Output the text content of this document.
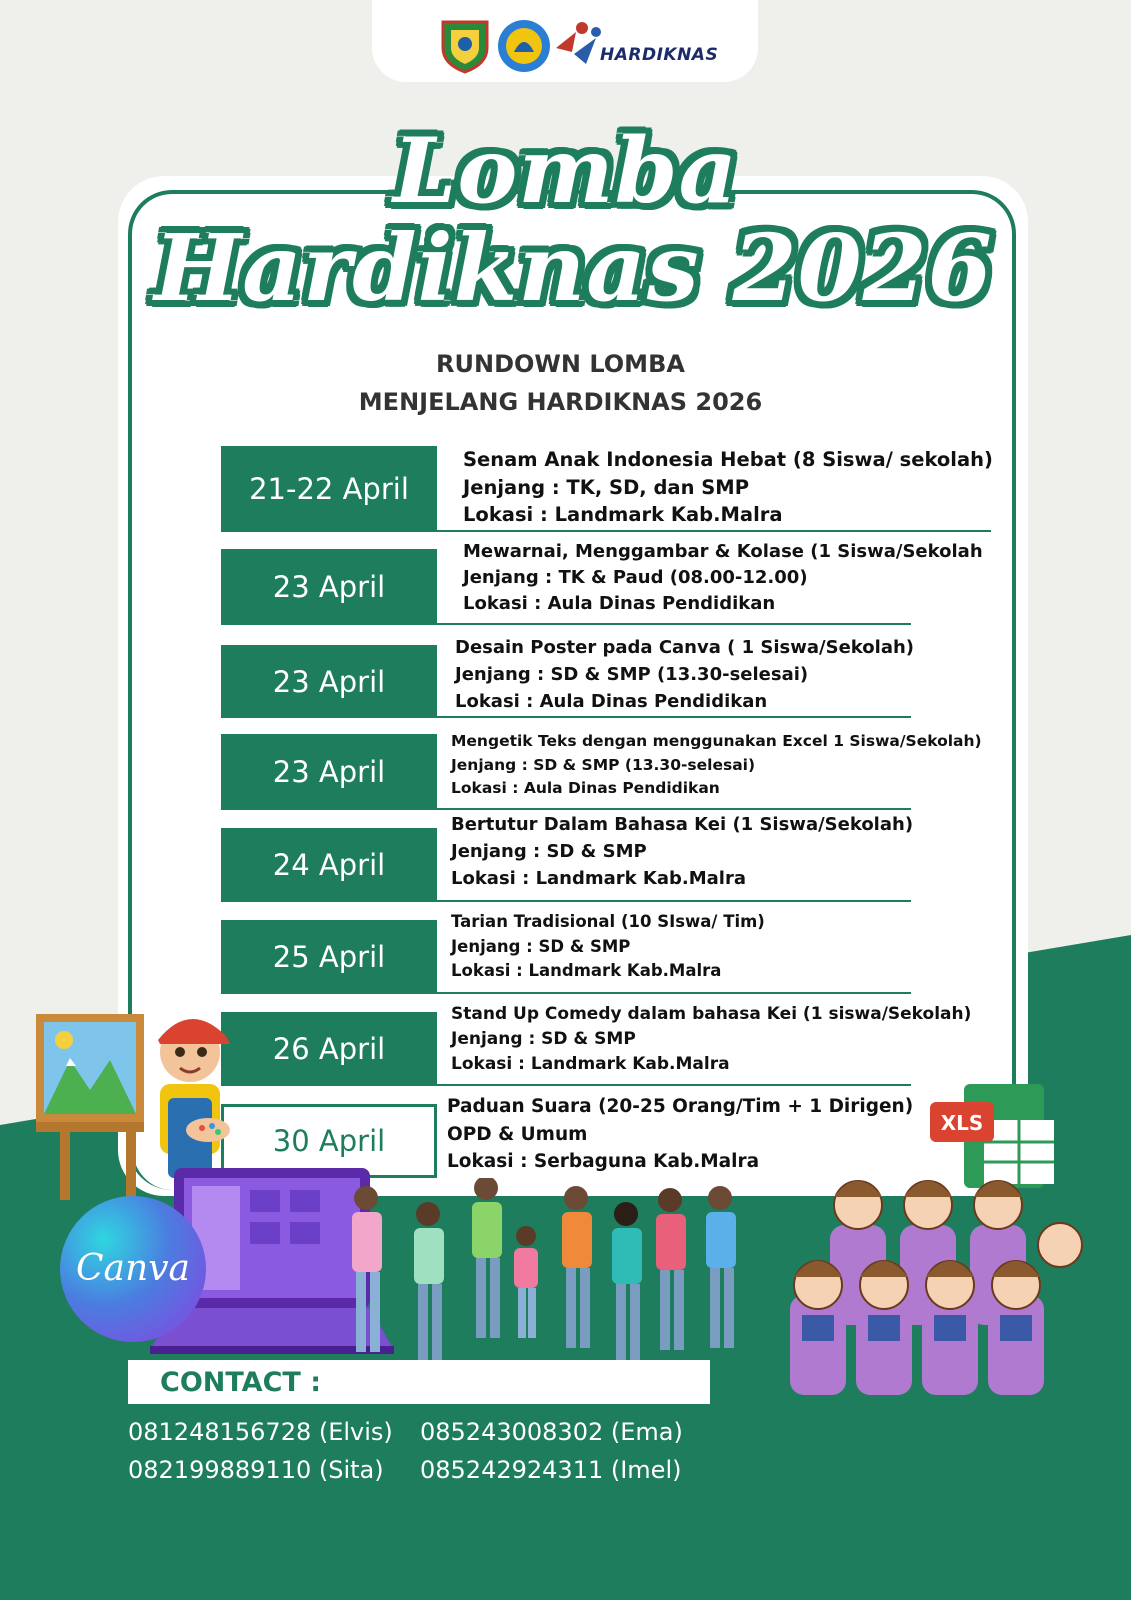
HARDIKNAS
Lomba
Hardiknas 2026
RUNDOWN LOMBA
MENJELANG HARDIKNAS 2026
21-22 April
Senam Anak Indonesia Hebat (8 Siswa/ sekolah)
Jenjang : TK, SD, dan SMP
Lokasi : Landmark Kab.Malra
23 April
Mewarnai, Menggambar & Kolase (1 Siswa/Sekolah
Jenjang : TK & Paud (08.00-12.00)
Lokasi : Aula Dinas Pendidikan
23 April
Desain Poster pada Canva ( 1 Siswa/Sekolah)
Jenjang : SD & SMP (13.30-selesai)
Lokasi : Aula Dinas Pendidikan
23 April
Mengetik Teks dengan menggunakan Excel 1 Siswa/Sekolah)
Jenjang : SD & SMP (13.30-selesai)
Lokasi : Aula Dinas Pendidikan
24 April
Bertutur Dalam Bahasa Kei (1 Siswa/Sekolah)
Jenjang : SD & SMP
Lokasi : Landmark Kab.Malra
25 April
Tarian Tradisional (10 SIswa/ Tim)
Jenjang : SD & SMP
Lokasi : Landmark Kab.Malra
26 April
Stand Up Comedy dalam bahasa Kei (1 siswa/Sekolah)
Jenjang : SD & SMP
Lokasi : Landmark Kab.Malra
30 April
Paduan Suara (20-25 Orang/Tim + 1 Dirigen)
OPD & Umum
Lokasi : Serbaguna Kab.Malra
Canva
XLS
CONTACT :
081248156728 (Elvis) 085243008302 (Ema)
082199889110 (Sita) 085242924311 (Imel)
